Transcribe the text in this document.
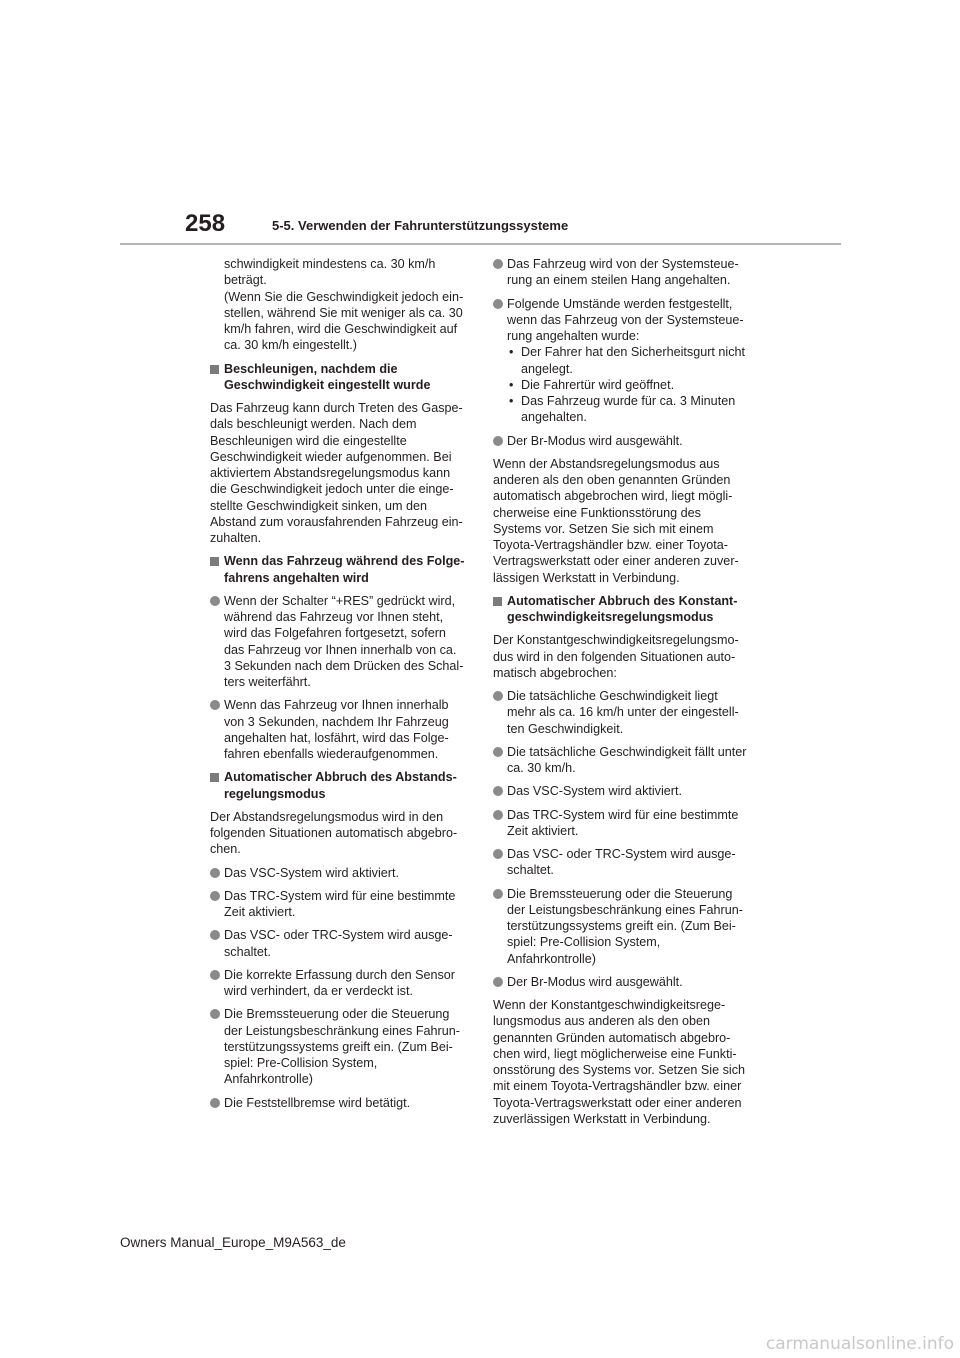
258	5-5. Verwenden der Fahrunterstützungssysteme
schwindigkeit mindestens ca. 30 km/h
beträgt.
(Wenn Sie die Geschwindigkeit jedoch ein-
stellen, während Sie mit weniger als ca. 30
km/h fahren, wird die Geschwindigkeit auf
ca. 30 km/h eingestellt.)
Beschleunigen, nachdem die
Geschwindigkeit eingestellt wurde
Das Fahrzeug kann durch Treten des Gaspe-
dals beschleunigt werden. Nach dem
Beschleunigen wird die eingestellte
Geschwindigkeit wieder aufgenommen. Bei
aktiviertem Abstandsregelungsmodus kann
die Geschwindigkeit jedoch unter die einge-
stellte Geschwindigkeit sinken, um den
Abstand zum vorausfahrenden Fahrzeug ein-
zuhalten.
Wenn das Fahrzeug während des Folge-
fahrens angehalten wird
Wenn der Schalter “+RES” gedrückt wird,
während das Fahrzeug vor Ihnen steht,
wird das Folgefahren fortgesetzt, sofern
das Fahrzeug vor Ihnen innerhalb von ca.
3 Sekunden nach dem Drücken des Schal-
ters weiterfährt.
Wenn das Fahrzeug vor Ihnen innerhalb
von 3 Sekunden, nachdem Ihr Fahrzeug
angehalten hat, losfährt, wird das Folge-
fahren ebenfalls wiederaufgenommen.
Automatischer Abbruch des Abstands-
regelungsmodus
Der Abstandsregelungsmodus wird in den
folgenden Situationen automatisch abgebro-
chen.
Das VSC-System wird aktiviert.
Das TRC-System wird für eine bestimmte
Zeit aktiviert.
Das VSC- oder TRC-System wird ausge-
schaltet.
Die korrekte Erfassung durch den Sensor
wird verhindert, da er verdeckt ist.
Die Bremssteuerung oder die Steuerung
der Leistungsbeschränkung eines Fahrun-
terstützungssystems greift ein. (Zum Bei-
spiel: Pre-Collision System,
Anfahrkontrolle)
Die Feststellbremse wird betätigt.
Das Fahrzeug wird von der Systemsteue-
rung an einem steilen Hang angehalten.
Folgende Umstände werden festgestellt,
wenn das Fahrzeug von der Systemsteue-
rung angehalten wurde:
• Der Fahrer hat den Sicherheitsgurt nicht
angelegt.
• Die Fahrertür wird geöffnet.
• Das Fahrzeug wurde für ca. 3 Minuten
angehalten.
Der Br-Modus wird ausgewählt.
Wenn der Abstandsregelungsmodus aus
anderen als den oben genannten Gründen
automatisch abgebrochen wird, liegt mögli-
cherweise eine Funktionsstörung des
Systems vor. Setzen Sie sich mit einem
Toyota-Vertragshändler bzw. einer Toyota-
Vertragswerkstatt oder einer anderen zuver-
lässigen Werkstatt in Verbindung.
Automatischer Abbruch des Konstant-
geschwindigkeitsregelungsmodus
Der Konstantgeschwindigkeitsregelungsmo-
dus wird in den folgenden Situationen auto-
matisch abgebrochen:
Die tatsächliche Geschwindigkeit liegt
mehr als ca. 16 km/h unter der eingestell-
ten Geschwindigkeit.
Die tatsächliche Geschwindigkeit fällt unter
ca. 30 km/h.
Das VSC-System wird aktiviert.
Das TRC-System wird für eine bestimmte
Zeit aktiviert.
Das VSC- oder TRC-System wird ausge-
schaltet.
Die Bremssteuerung oder die Steuerung
der Leistungsbeschränkung eines Fahrun-
terstützungssystems greift ein. (Zum Bei-
spiel: Pre-Collision System,
Anfahrkontrolle)
Der Br-Modus wird ausgewählt.
Wenn der Konstantgeschwindigkeitsrege-
lungsmodus aus anderen als den oben
genannten Gründen automatisch abgebro-
chen wird, liegt möglicherweise eine Funkti-
onsstörung des Systems vor. Setzen Sie sich
mit einem Toyota-Vertragshändler bzw. einer
Toyota-Vertragswerkstatt oder einer anderen
zuverlässigen Werkstatt in Verbindung.
Owners Manual_Europe_M9A563_de
carmanualsonline.info
